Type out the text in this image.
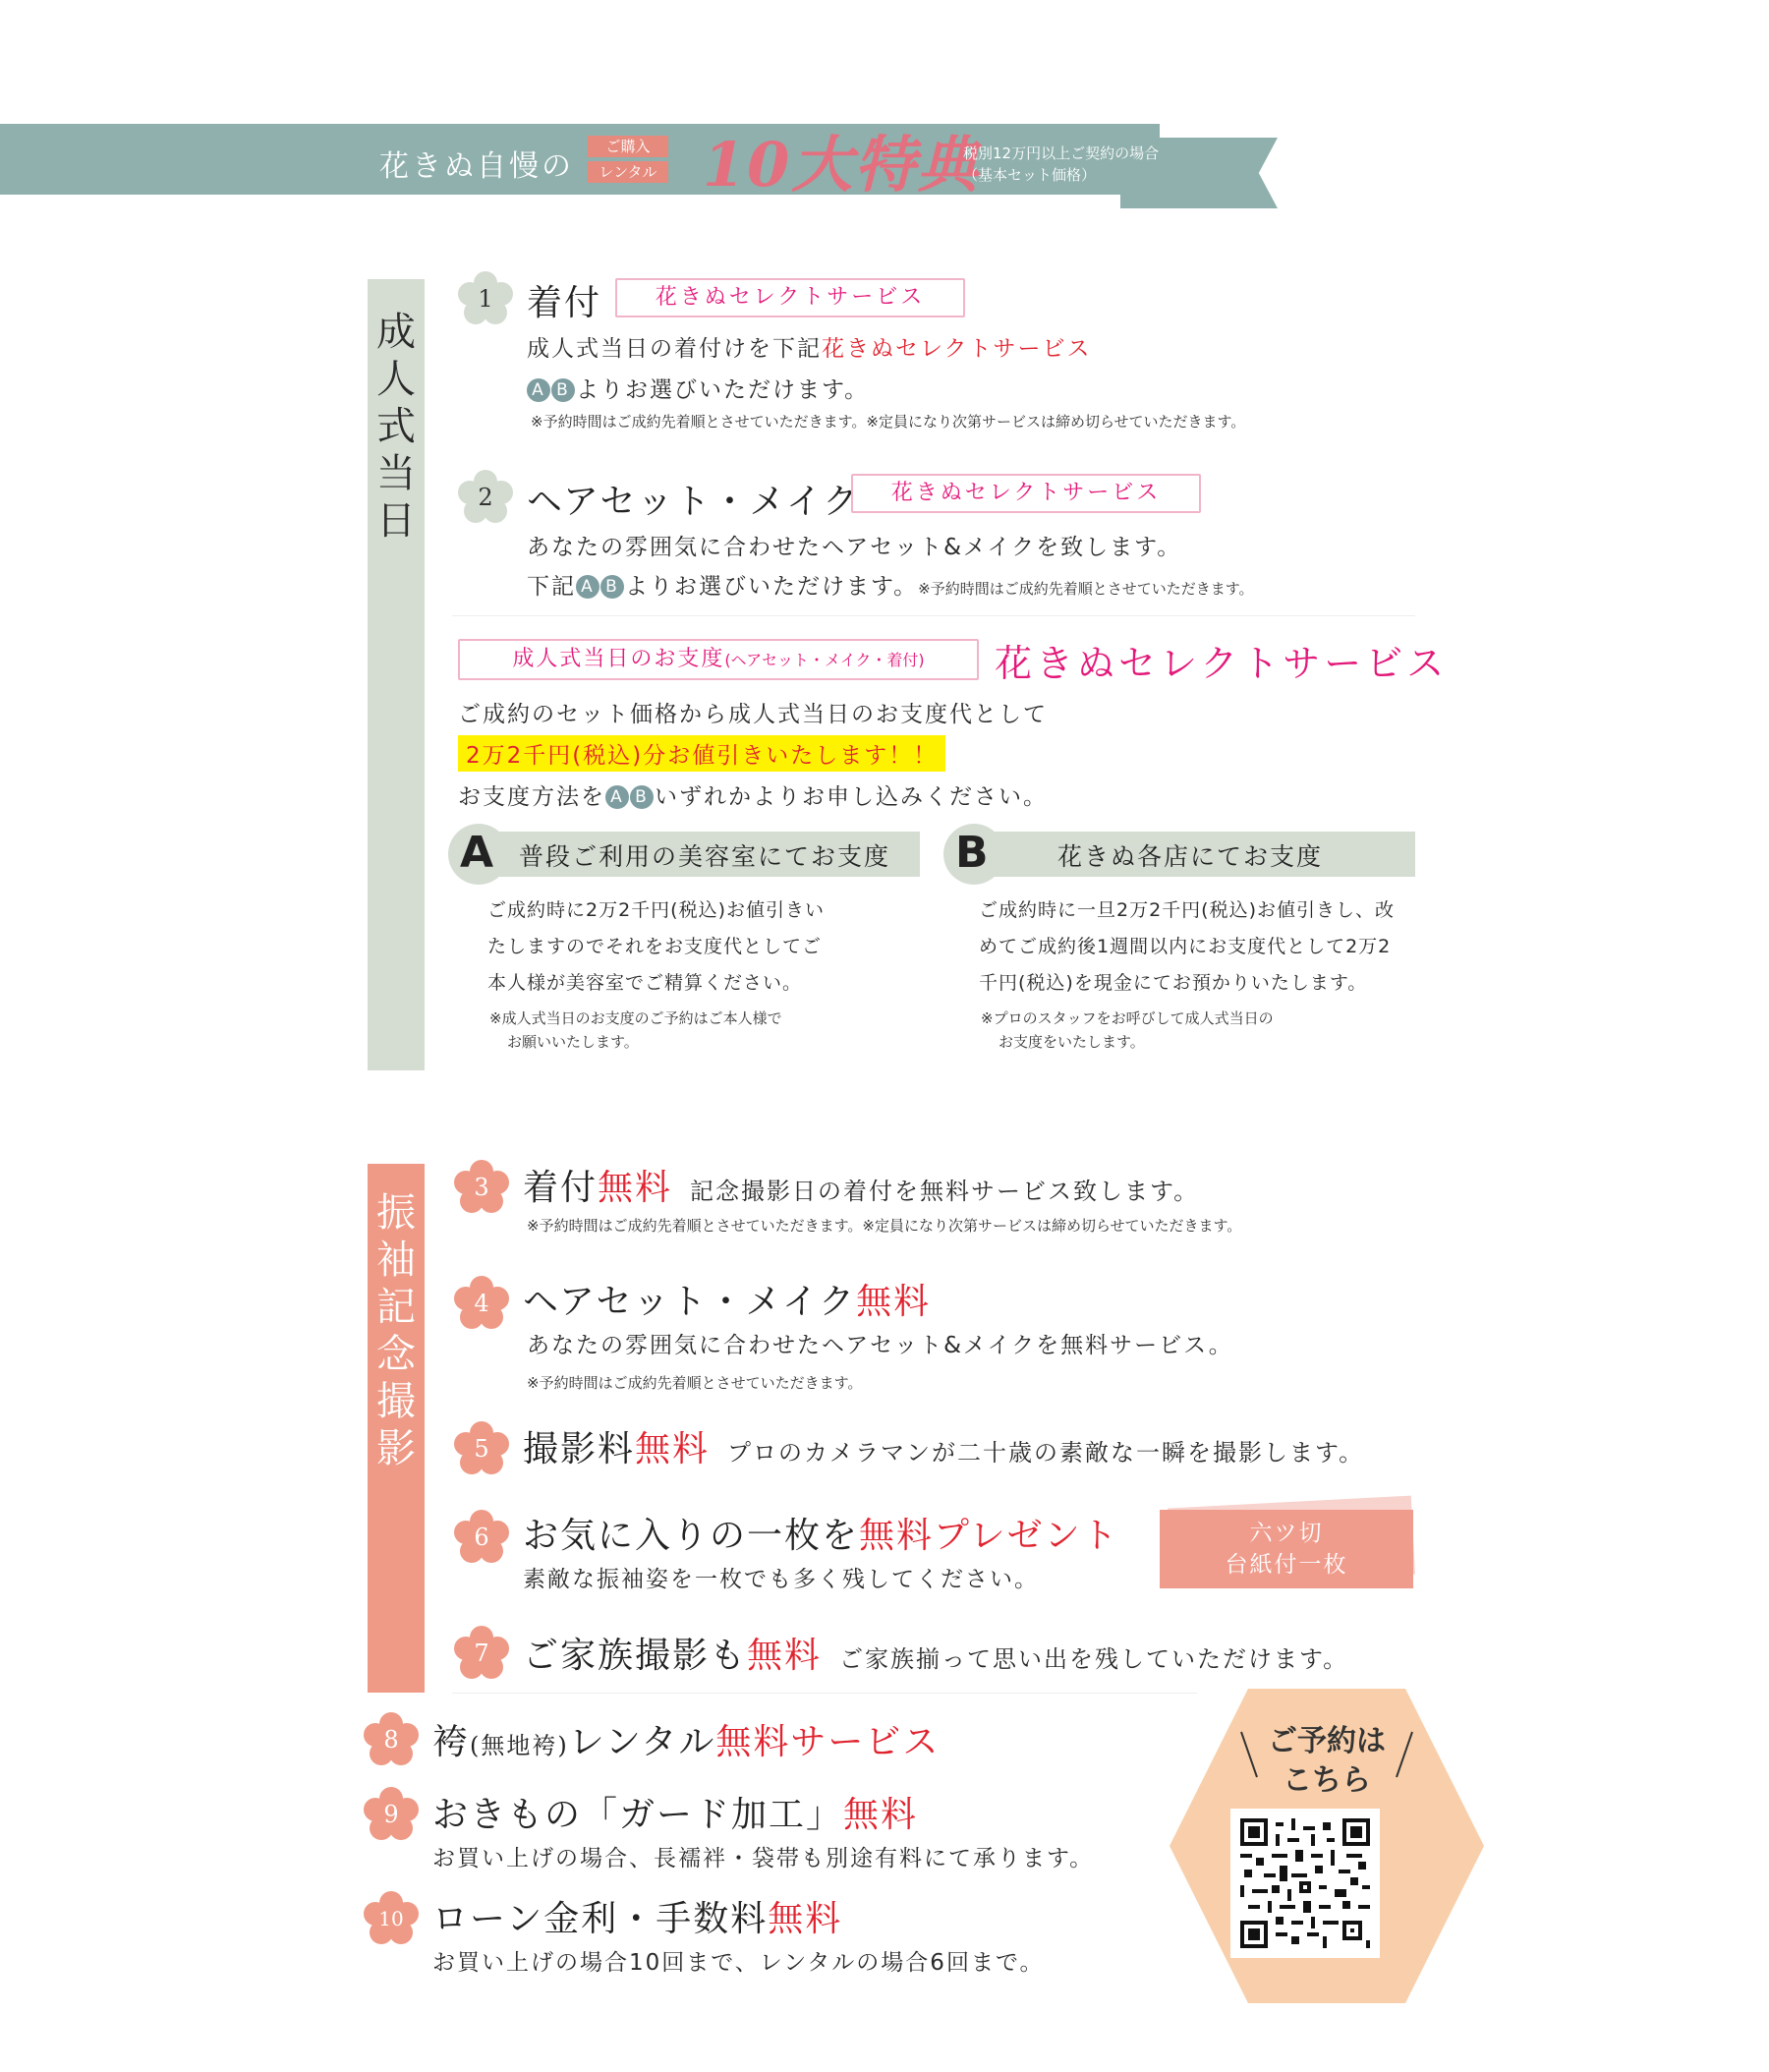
花きぬ自慢の
ご購入
レンタル 10大特典
税別12万円以上ご契約の場合
（基本セット価格）
成
人
式
当
日
1 着付	花きぬセレクトサービス
成人式当日の着付けを下記花きぬセレクトサービス
A B よりお選びいただけます。
※予約時間はご成約先着順とさせていただきます。※定員になり次第サービスは締め切らせていただきます。
2 ヘアセット・メイク	花きぬセレクトサービス
あなたの雰囲気に合わせたヘアセット&メイクを致します。
下記 A B よりお選びいただけます。※予約時間はご成約先着順とさせていただきます。
成人式当日のお支度(ヘアセット・メイク・着付)	花きぬセレクトサービス
ご成約のセット価格から成人式当日のお支度代として
2万2千円(税込)分お値引きいたします！！
お支度方法を A B いずれかよりお申し込みください。
A 普段ご利用の美容室にてお支度
ご成約時に2万2千円(税込)お値引きい
たしますのでそれをお支度代としてご
本人様が美容室でご精算ください。
※成人式当日のお支度のご予約はご本人様で
お願いいたします。
B	花きぬ各店にてお支度
ご成約時に一旦2万2千円(税込)お値引きし、改
めてご成約後1週間以内にお支度代として2万2
千円(税込)を現金にてお預かりいたします。
※プロのスタッフをお呼びして成人式当日の
お支度をいたします。
振
袖
記
念
撮
影
3 着付無料 記念撮影日の着付を無料サービス致します。
※予約時間はご成約先着順とさせていただきます。※定員になり次第サービスは締め切らせていただきます。
4 ヘアセット・メイク無料
あなたの雰囲気に合わせたヘアセット&メイクを無料サービス。
※予約時間はご成約先着順とさせていただきます。
5 撮影料無料 プロのカメラマンが二十歳の素敵な一瞬を撮影します。
6 お気に入りの一枚を無料プレゼント
素敵な振袖姿を一枚でも多く残してください。
六ツ切
台紙付一枚
7 ご家族撮影も無料 ご家族揃って思い出を残していただけます。
8 袴(無地袴)レンタル無料サービス
9 おきもの「ガード加工」無料
お買い上げの場合、長襦袢・袋帯も別途有料にて承ります。
10 ローン金利・手数料無料
お買い上げの場合10回まで、レンタルの場合6回まで。
ご予約は
こちら
